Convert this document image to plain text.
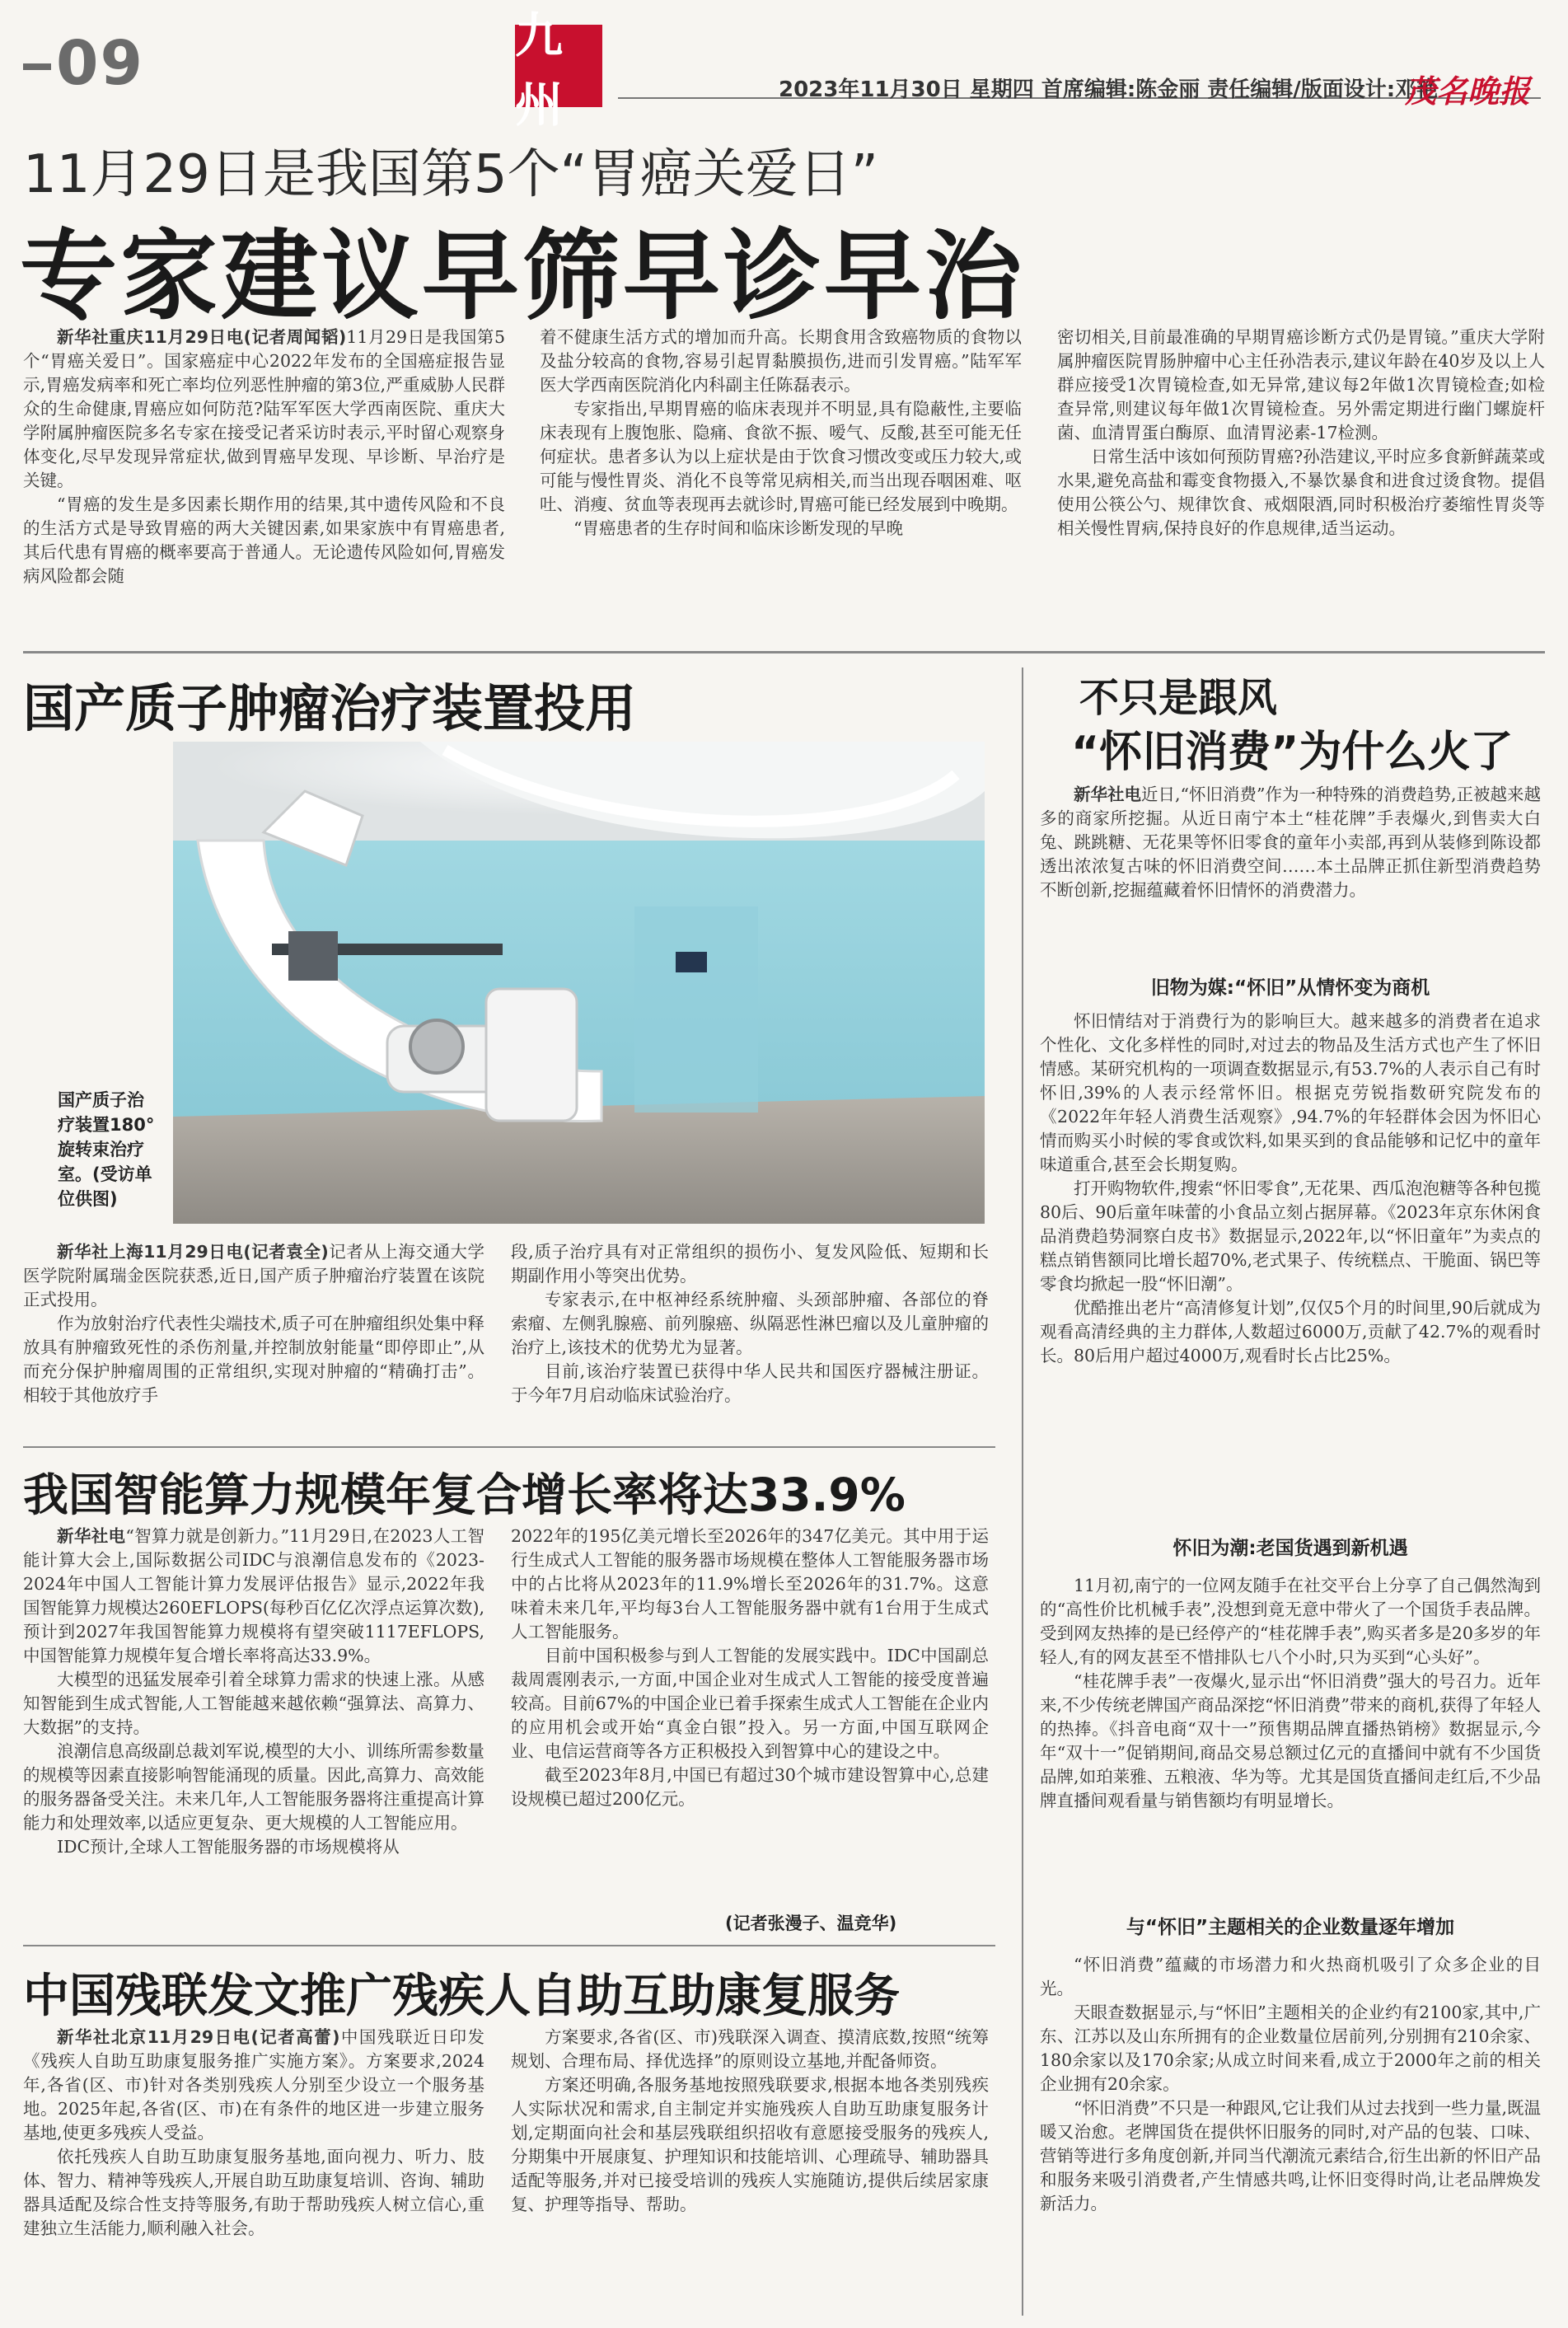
09	九州	2023年11月30日 星期四 首席编辑:陈金丽 责任编辑/版面设计:邓艳
茂名晚报
11月29日是我国第5个“胃癌关爱日”
专家建议早筛早诊早治

新华社重庆11月29日电(记者周闻韬)11月29日是我国第5个“胃癌关爱日”。国家癌症中心2022年发布的全国癌症报告显示,胃癌发病率和死亡率均位列恶性肿瘤的第3位,严重威胁人民群众的生命健康,胃癌应如何防范?陆军军医大学西南医院、重庆大学附属肿瘤医院多名专家在接受记者采访时表示,平时留心观察身体变化,尽早发现异常症状,做到胃癌早发现、早诊断、早治疗是关键。

“胃癌的发生是多因素长期作用的结果,其中遗传风险和不良的生活方式是导致胃癌的两大关键因素,如果家族中有胃癌患者,其后代患有胃癌的概率要高于普通人。无论遗传风险如何,胃癌发病风险都会随

着不健康生活方式的增加而升高。长期食用含致癌物质的食物以及盐分较高的食物,容易引起胃黏膜损伤,进而引发胃癌。”陆军军医大学西南医院消化内科副主任陈磊表示。

专家指出,早期胃癌的临床表现并不明显,具有隐蔽性,主要临床表现有上腹饱胀、隐痛、食欲不振、嗳气、反酸,甚至可能无任何症状。患者多认为以上症状是由于饮食习惯改变或压力较大,或可能与慢性胃炎、消化不良等常见病相关,而当出现吞咽困难、呕吐、消瘦、贫血等表现再去就诊时,胃癌可能已经发展到中晚期。

“胃癌患者的生存时间和临床诊断发现的早晚

密切相关,目前最准确的早期胃癌诊断方式仍是胃镜。”重庆大学附属肿瘤医院胃肠肿瘤中心主任孙浩表示,建议年龄在40岁及以上人群应接受1次胃镜检查,如无异常,建议每2年做1次胃镜检查;如检查异常,则建议每年做1次胃镜检查。另外需定期进行幽门螺旋杆菌、血清胃蛋白酶原、血清胃泌素-17检测。

日常生活中该如何预防胃癌?孙浩建议,平时应多食新鲜蔬菜或水果,避免高盐和霉变食物摄入,不暴饮暴食和进食过烫食物。提倡使用公筷公勺、规律饮食、戒烟限酒,同时积极治疗萎缩性胃炎等相关慢性胃病,保持良好的作息规律,适当运动。

国产质子肿瘤治疗装置投用
国产质子治疗装置180°旋转束治疗室。(受访单位供图)

新华社上海11月29日电(记者袁全)记者从上海交通大学医学院附属瑞金医院获悉,近日,国产质子肿瘤治疗装置在该院正式投用。

作为放射治疗代表性尖端技术,质子可在肿瘤组织处集中释放具有肿瘤致死性的杀伤剂量,并控制放射能量“即停即止”,从而充分保护肿瘤周围的正常组织,实现对肿瘤的“精确打击”。相较于其他放疗手

段,质子治疗具有对正常组织的损伤小、复发风险低、短期和长期副作用小等突出优势。

专家表示,在中枢神经系统肿瘤、头颈部肿瘤、各部位的脊索瘤、左侧乳腺癌、前列腺癌、纵隔恶性淋巴瘤以及儿童肿瘤的治疗上,该技术的优势尤为显著。

目前,该治疗装置已获得中华人民共和国医疗器械注册证。于今年7月启动临床试验治疗。

我国智能算力规模年复合增长率将达33.9%

新华社电“智算力就是创新力。”11月29日,在2023人工智能计算大会上,国际数据公司IDC与浪潮信息发布的《2023-2024年中国人工智能计算力发展评估报告》显示,2022年我国智能算力规模达260EFLOPS(每秒百亿亿次浮点运算次数),预计到2027年我国智能算力规模将有望突破1117EFLOPS,中国智能算力规模年复合增长率将高达33.9%。

大模型的迅猛发展牵引着全球算力需求的快速上涨。从感知智能到生成式智能,人工智能越来越依赖“强算法、高算力、大数据”的支持。

浪潮信息高级副总裁刘军说,模型的大小、训练所需参数量的规模等因素直接影响智能涌现的质量。因此,高算力、高效能的服务器备受关注。未来几年,人工智能服务器将注重提高计算能力和处理效率,以适应更复杂、更大规模的人工智能应用。

IDC预计,全球人工智能服务器的市场规模将从

2022年的195亿美元增长至2026年的347亿美元。其中用于运行生成式人工智能的服务器市场规模在整体人工智能服务器市场中的占比将从2023年的11.9%增长至2026年的31.7%。这意味着未来几年,平均每3台人工智能服务器中就有1台用于生成式人工智能服务。

目前中国积极参与到人工智能的发展实践中。IDC中国副总裁周震刚表示,一方面,中国企业对生成式人工智能的接受度普遍较高。目前67%的中国企业已着手探索生成式人工智能在企业内的应用机会或开始“真金白银”投入。另一方面,中国互联网企业、电信运营商等各方正积极投入到智算中心的建设之中。

截至2023年8月,中国已有超过30个城市建设智算中心,总建设规模已超过200亿元。

(记者张漫子、温竞华)
中国残联发文推广残疾人自助互助康复服务

新华社北京11月29日电(记者高蕾)中国残联近日印发《残疾人自助互助康复服务推广实施方案》。方案要求,2024年,各省(区、市)针对各类别残疾人分别至少设立一个服务基地。2025年起,各省(区、市)在有条件的地区进一步建立服务基地,使更多残疾人受益。

依托残疾人自助互助康复服务基地,面向视力、听力、肢体、智力、精神等残疾人,开展自助互助康复培训、咨询、辅助器具适配及综合性支持等服务,有助于帮助残疾人树立信心,重建独立生活能力,顺利融入社会。

方案要求,各省(区、市)残联深入调查、摸清底数,按照“统筹规划、合理布局、择优选择”的原则设立基地,并配备师资。

方案还明确,各服务基地按照残联要求,根据本地各类别残疾人实际状况和需求,自主制定并实施残疾人自助互助康复服务计划,定期面向社会和基层残联组织招收有意愿接受服务的残疾人,分期集中开展康复、护理知识和技能培训、心理疏导、辅助器具适配等服务,并对已接受培训的残疾人实施随访,提供后续居家康复、护理等指导、帮助。

不只是跟风
“怀旧消费”为什么火了

新华社电近日,“怀旧消费”作为一种特殊的消费趋势,正被越来越多的商家所挖掘。从近日南宁本土“桂花牌”手表爆火,到售卖大白兔、跳跳糖、无花果等怀旧零食的童年小卖部,再到从装修到陈设都透出浓浓复古味的怀旧消费空间……本土品牌正抓住新型消费趋势不断创新,挖掘蕴藏着怀旧情怀的消费潜力。

旧物为媒:“怀旧”从情怀变为商机

怀旧情结对于消费行为的影响巨大。越来越多的消费者在追求个性化、文化多样性的同时,对过去的物品及生活方式也产生了怀旧情感。某研究机构的一项调查数据显示,有53.7%的人表示自己有时怀旧,39%的人表示经常怀旧。根据克劳锐指数研究院发布的《2022年年轻人消费生活观察》,94.7%的年轻群体会因为怀旧心情而购买小时候的零食或饮料,如果买到的食品能够和记忆中的童年味道重合,甚至会长期复购。

打开购物软件,搜索“怀旧零食”,无花果、西瓜泡泡糖等各种包揽80后、90后童年味蕾的小食品立刻占据屏幕。《2023年京东休闲食品消费趋势洞察白皮书》数据显示,2022年,以“怀旧童年”为卖点的糕点销售额同比增长超70%,老式果子、传统糕点、干脆面、锅巴等零食均掀起一股“怀旧潮”。

优酷推出老片“高清修复计划”,仅仅5个月的时间里,90后就成为观看高清经典的主力群体,人数超过6000万,贡献了42.7%的观看时长。80后用户超过4000万,观看时长占比25%。

怀旧为潮:老国货遇到新机遇

11月初,南宁的一位网友随手在社交平台上分享了自己偶然淘到的“高性价比机械手表”,没想到竟无意中带火了一个国货手表品牌。受到网友热捧的是已经停产的“桂花牌手表”,购买者多是20多岁的年轻人,有的网友甚至不惜排队七八个小时,只为买到“心头好”。

“桂花牌手表”一夜爆火,显示出“怀旧消费”强大的号召力。近年来,不少传统老牌国产商品深挖“怀旧消费”带来的商机,获得了年轻人的热捧。《抖音电商“双十一”预售期品牌直播热销榜》数据显示,今年“双十一”促销期间,商品交易总额过亿元的直播间中就有不少国货品牌,如珀莱雅、五粮液、华为等。尤其是国货直播间走红后,不少品牌直播间观看量与销售额均有明显增长。

与“怀旧”主题相关的企业数量逐年增加

“怀旧消费”蕴藏的市场潜力和火热商机吸引了众多企业的目光。

天眼查数据显示,与“怀旧”主题相关的企业约有2100家,其中,广东、江苏以及山东所拥有的企业数量位居前列,分别拥有210余家、180余家以及170余家;从成立时间来看,成立于2000年之前的相关企业拥有20余家。

“怀旧消费”不只是一种跟风,它让我们从过去找到一些力量,既温暖又治愈。老牌国货在提供怀旧服务的同时,对产品的包装、口味、营销等进行多角度创新,并同当代潮流元素结合,衍生出新的怀旧产品和服务来吸引消费者,产生情感共鸣,让怀旧变得时尚,让老品牌焕发新活力。
